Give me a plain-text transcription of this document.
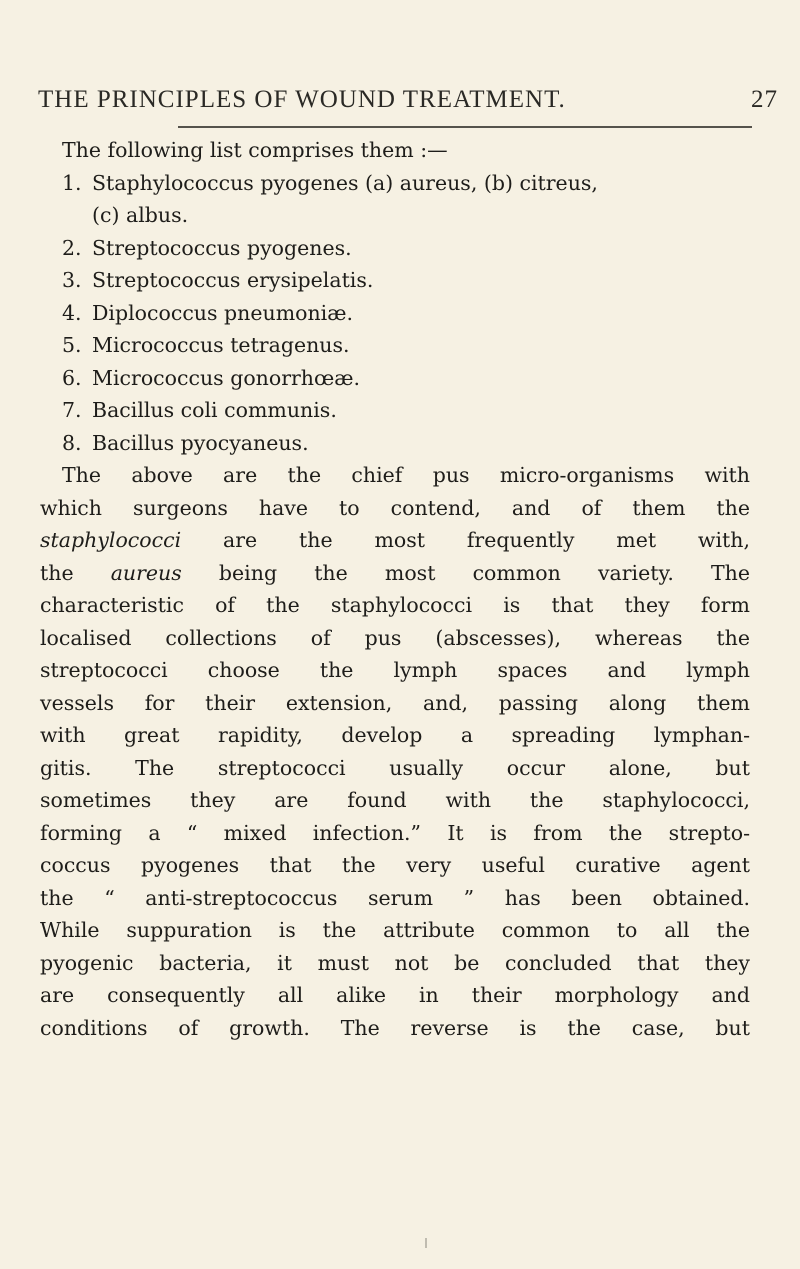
THE PRINCIPLES OF WOUND TREATMENT.	27

The following list comprises them :—

1. Staphylococcus pyogenes (a) aureus, (b) citreus,
(c) albus.
2. Streptococcus pyogenes.
3. Streptococcus erysipelatis.
4. Diplococcus pneumoniæ.
5. Micrococcus tetragenus.
6. Micrococcus gonorrhœæ.
7. Bacillus coli communis.
8. Bacillus pyocyaneus.

The above are the chief pus micro-organisms with
which surgeons have to contend, and of them the
staphylococci are the most frequently met with,
the aureus being the most common variety. The
characteristic of the staphylococci is that they form
localised collections of pus (abscesses), whereas the
streptococci choose the lymph spaces and lymph
vessels for their extension, and, passing along them
with great rapidity, develop a spreading lymphan-
gitis. The streptococci usually occur alone, but
sometimes they are found with the staphylococci,
forming a “ mixed infection.” It is from the strepto-
coccus pyogenes that the very useful curative agent
the “ anti-streptococcus serum ” has been obtained.
While suppuration is the attribute common to all the
pyogenic bacteria, it must not be concluded that they
are consequently all alike in their morphology and
conditions of growth. The reverse is the case, but
